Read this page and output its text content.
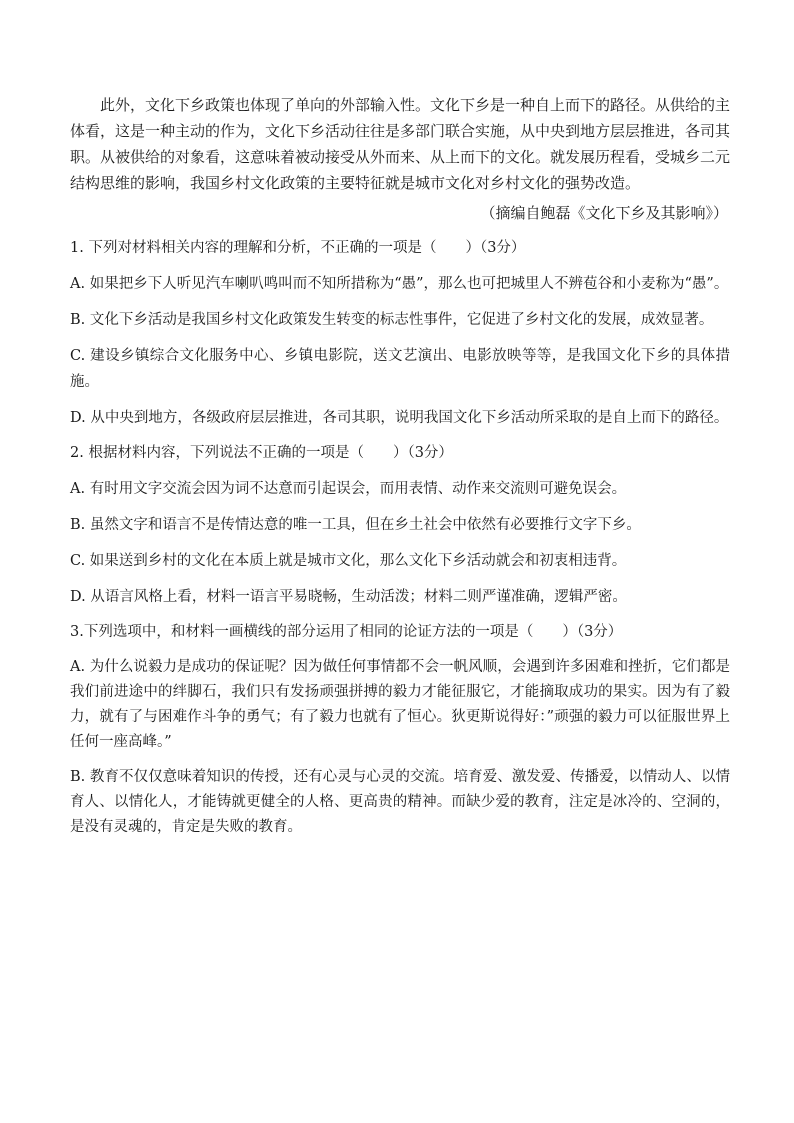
此外，文化下乡政策也体现了单向的外部输入性。文化下乡是一种自上而下的路径。从供给的主体看，这是一种主动的作为，文化下乡活动往往是多部门联合实施，从中央到地方层层推进，各司其职。从被供给的对象看，这意味着被动接受从外而来、从上而下的文化。就发展历程看，受城乡二元结构思维的影响，我国乡村文化政策的主要特征就是城市文化对乡村文化的强势改造。

（摘编自鲍磊《文化下乡及其影响》）

1. 下列对材料相关内容的理解和分析，不正确的一项是（　　）（3分）

A. 如果把乡下人听见汽车喇叭鸣叫而不知所措称为“愚”，那么也可把城里人不辨苞谷和小麦称为“愚”。

B. 文化下乡活动是我国乡村文化政策发生转变的标志性事件，它促进了乡村文化的发展，成效显著。

C. 建设乡镇综合文化服务中心、乡镇电影院，送文艺演出、电影放映等等，是我国文化下乡的具体措施。

D. 从中央到地方，各级政府层层推进，各司其职，说明我国文化下乡活动所采取的是自上而下的路径。

2. 根据材料内容，下列说法不正确的一项是（　　）（3分）

A. 有时用文字交流会因为词不达意而引起误会，而用表情、动作来交流则可避免误会。

B. 虽然文字和语言不是传情达意的唯一工具，但在乡土社会中依然有必要推行文字下乡。

C. 如果送到乡村的文化在本质上就是城市文化，那么文化下乡活动就会和初衷相违背。

D. 从语言风格上看，材料一语言平易晓畅，生动活泼；材料二则严谨准确，逻辑严密。

3.下列选项中，和材料一画横线的部分运用了相同的论证方法的一项是（　　）（3分）

A. 为什么说毅力是成功的保证呢？因为做任何事情都不会一帆风顺，会遇到许多困难和挫折，它们都是我们前进途中的绊脚石，我们只有发扬顽强拼搏的毅力才能征服它，才能摘取成功的果实。因为有了毅力，就有了与困难作斗争的勇气；有了毅力也就有了恒心。狄更斯说得好：”顽强的毅力可以征服世界上任何一座高峰。”

B. 教育不仅仅意味着知识的传授，还有心灵与心灵的交流。培育爱、激发爱、传播爱，以情动人、以情育人、以情化人，才能铸就更健全的人格、更高贵的精神。而缺少爱的教育，注定是冰冷的、空洞的，是没有灵魂的，肯定是失败的教育。
